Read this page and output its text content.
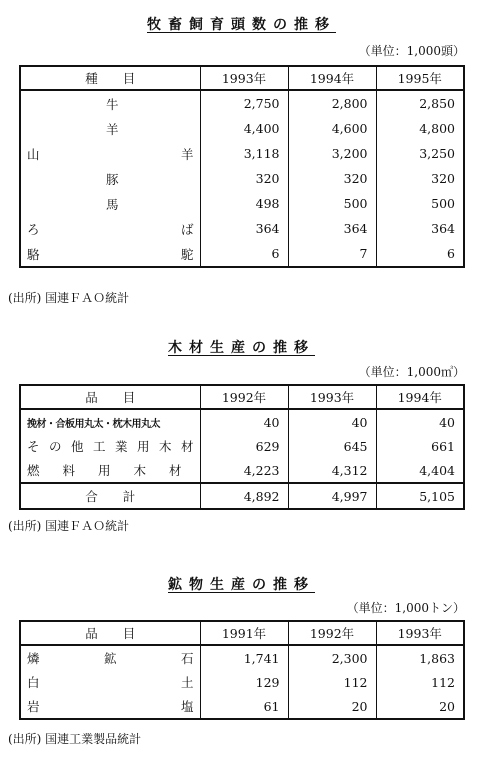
牧畜飼育頭数の推移
（単位：1,000頭）
種　　目	1993年	1994年	1995年
牛	2,750	2,800	2,850
羊	4,400	4,600	4,800
山　　羊	3,118	3,200	3,250
豚	320	320	320
馬	498	500	500
ろ　　ば	364	364	364
駱　　駝	6	7	6
(出所) 国連ＦＡＯ統計
木材生産の推移
（単位：1,000㎥）
品　　目	1992年	1993年	1994年
挽材・合板用丸太・枕木用丸太	40	40	40
その他工業用木材	629	645	661
燃料用木材	4,223	4,312	4,404
合　　計	4,892	4,997	5,105
(出所) 国連ＦＡＯ統計
鉱物生産の推移
（単位：1,000トン）
品　　目	1991年	1992年	1993年
燐　鉱　石	1,741	2,300	1,863
白　　土	129	112	112
岩　　塩	61	20	20
(出所) 国連工業製品統計
